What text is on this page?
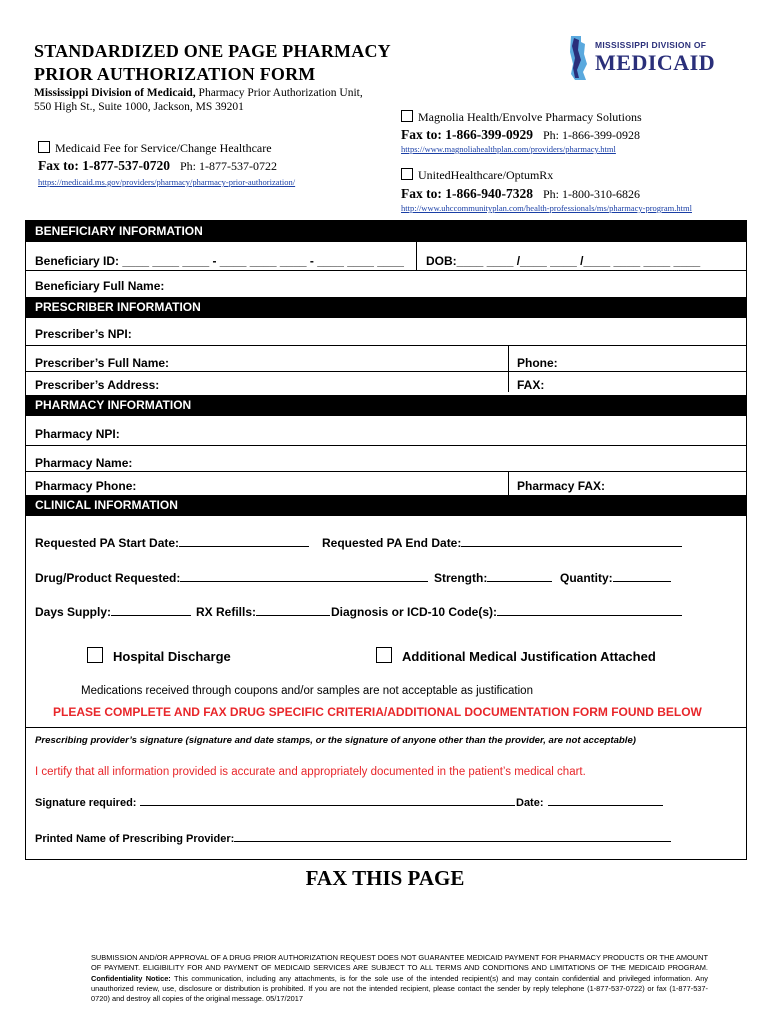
STANDARDIZED ONE PAGE PHARMACY
PRIOR AUTHORIZATION FORM
Mississippi Division of Medicaid, Pharmacy Prior Authorization Unit,
550 High St., Suite 1000, Jackson, MS 39201
MISSISSIPPI DIVISION OF
MEDICAID
Magnolia Health/Envolve Pharmacy Solutions
Fax to: 1-866-399-0929 Ph: 1-866-399-0928
https://www.magnoliahealthplan.com/providers/pharmacy.html
Medicaid Fee for Service/Change Healthcare
Fax to: 1-877-537-0720 Ph: 1-877-537-0722
https://medicaid.ms.gov/providers/pharmacy/pharmacy-prior-authorization/	UnitedHealthcare/OptumRx
Fax to: 1-866-940-7328 Ph: 1-800-310-6826
http://www.uhccommunityplan.com/health-professionals/ms/pharmacy-program.html
BENEFICIARY INFORMATION
Beneficiary ID: ____ ____ ____ - ____ ____ ____ - ____ ____ ____ DOB:____ ____ /____ ____ /____ ____ ____ ____
Beneficiary Full Name:
PRESCRIBER INFORMATION
Prescriber’s NPI:
Prescriber’s Full Name:	Phone:
Prescriber’s Address:	FAX:
PHARMACY INFORMATION
Pharmacy NPI:
Pharmacy Name:
Pharmacy Phone:	Pharmacy FAX:
CLINICAL INFORMATION
Requested PA Start Date:	Requested PA End Date:
Drug/Product Requested:	Strength:	Quantity:
Days Supply:	RX Refills:	Diagnosis or ICD-10 Code(s):
Hospital Discharge	Additional Medical Justification Attached
Medications received through coupons and/or samples are not acceptable as justification
PLEASE COMPLETE AND FAX DRUG SPECIFIC CRITERIA/ADDITIONAL DOCUMENTATION FORM FOUND BELOW
Prescribing provider’s signature (signature and date stamps, or the signature of anyone other than the provider, are not acceptable)
I certify that all information provided is accurate and appropriately documented in the patient’s medical chart.
Signature required:	Date:
Printed Name of Prescribing Provider:
FAX THIS PAGE
SUBMISSION AND/OR APPROVAL OF A DRUG PRIOR AUTHORIZATION REQUEST DOES NOT GUARANTEE MEDICAID PAYMENT FOR PHARMACY PRODUCTS OR THE AMOUNT OF PAYMENT. ELIGIBILITY FOR AND PAYMENT OF MEDICAID SERVICES ARE SUBJECT TO ALL TERMS AND CONDITIONS AND LIMITATIONS OF THE MEDICAID PROGRAM. Confidentiality Notice: This communication, including any attachments, is for the sole use of the intended recipient(s) and may contain confidential and privileged information. Any unauthorized review, use, disclosure or distribution is prohibited. If you are not the intended recipient, please contact the sender by reply telephone (1-877-537-0722) or fax (1-877-537-0720) and destroy all copies of the original message. 05/17/2017
